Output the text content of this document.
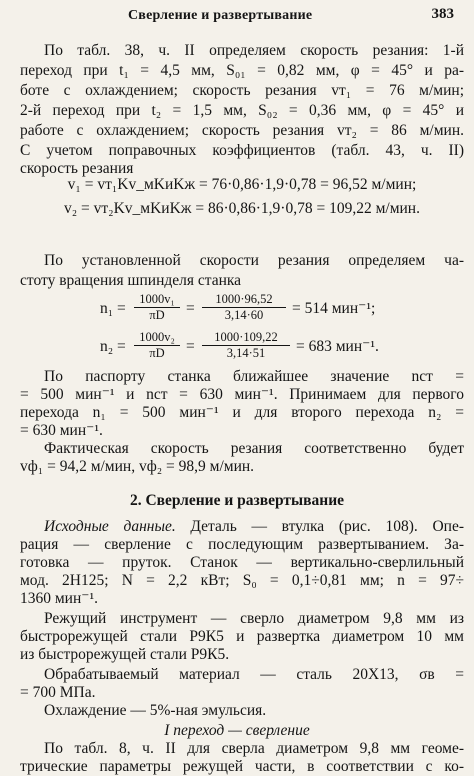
Сверление и развертывание	383
По табл. 38, ч. II определяем скорость резания: 1-й
переход при t₁ = 4,5 мм, S₀₁ = 0,82 мм, φ = 45° и ра-
боте с охлаждением; скорость резания vт₁ = 76 м/мин;
2-й переход при t₂ = 1,5 мм, S₀₂ = 0,36 мм, φ = 45° и
работе с охлаждением; скорость резания vт₂ = 86 м/мин.
С учетом поправочных коэффициентов (табл. 43, ч. II)
скорость резания
v₁ = vт₁Kv_мKиKж = 76·0,86·1,9·0,78 = 96,52 м/мин;
v₂ = vт₂Kv_мKиKж = 86·0,86·1,9·0,78 = 109,22 м/мин.
По установленной скорости резания определяем ча-
стоту вращения шпинделя станка
$n_1 = \frac{\text{1000v₁}}{\pi D} = \frac{1000\cdot 96,52}{3,14\cdot 60} = 514$ мин⁻¹;
$n_2 = \frac{\text{1000v₂}}{\pi D} = \frac{1000\cdot 109,22}{3,14\cdot 51} = 683$ мин⁻¹.
По паспорту станка ближайшее значение nст =
= 500 мин⁻¹ и nст = 630 мин⁻¹. Принимаем для первого
перехода n₁ = 500 мин⁻¹ и для второго перехода n₂ =
= 630 мин⁻¹.
Фактическая скорость резания соответственно будет
vф₁ = 94,2 м/мин, vф₂ = 98,9 м/мин.
2. Сверление и развертывание
Исходные данные. Деталь — втулка (рис. 108). Опе-
рация — сверление с последующим развертыванием. За-
готовка — пруток. Станок — вертикально-сверлильный
мод. 2Н125; N = 2,2 кВт; S₀ = 0,1÷0,81 мм; n = 97÷
1360 мин⁻¹.
Режущий инструмент — сверло диаметром 9,8 мм из
быстрорежущей стали Р9К5 и развертка диаметром 10 мм
из быстрорежущей стали Р9К5.
Обрабатываемый материал — сталь 20Х13, σв =
= 700 МПа.
Охлаждение — 5%-ная эмульсия.
I переход — сверление
По табл. 8, ч. II для сверла диаметром 9,8 мм геоме-
трические параметры режущей части, в соответствии с ко-
